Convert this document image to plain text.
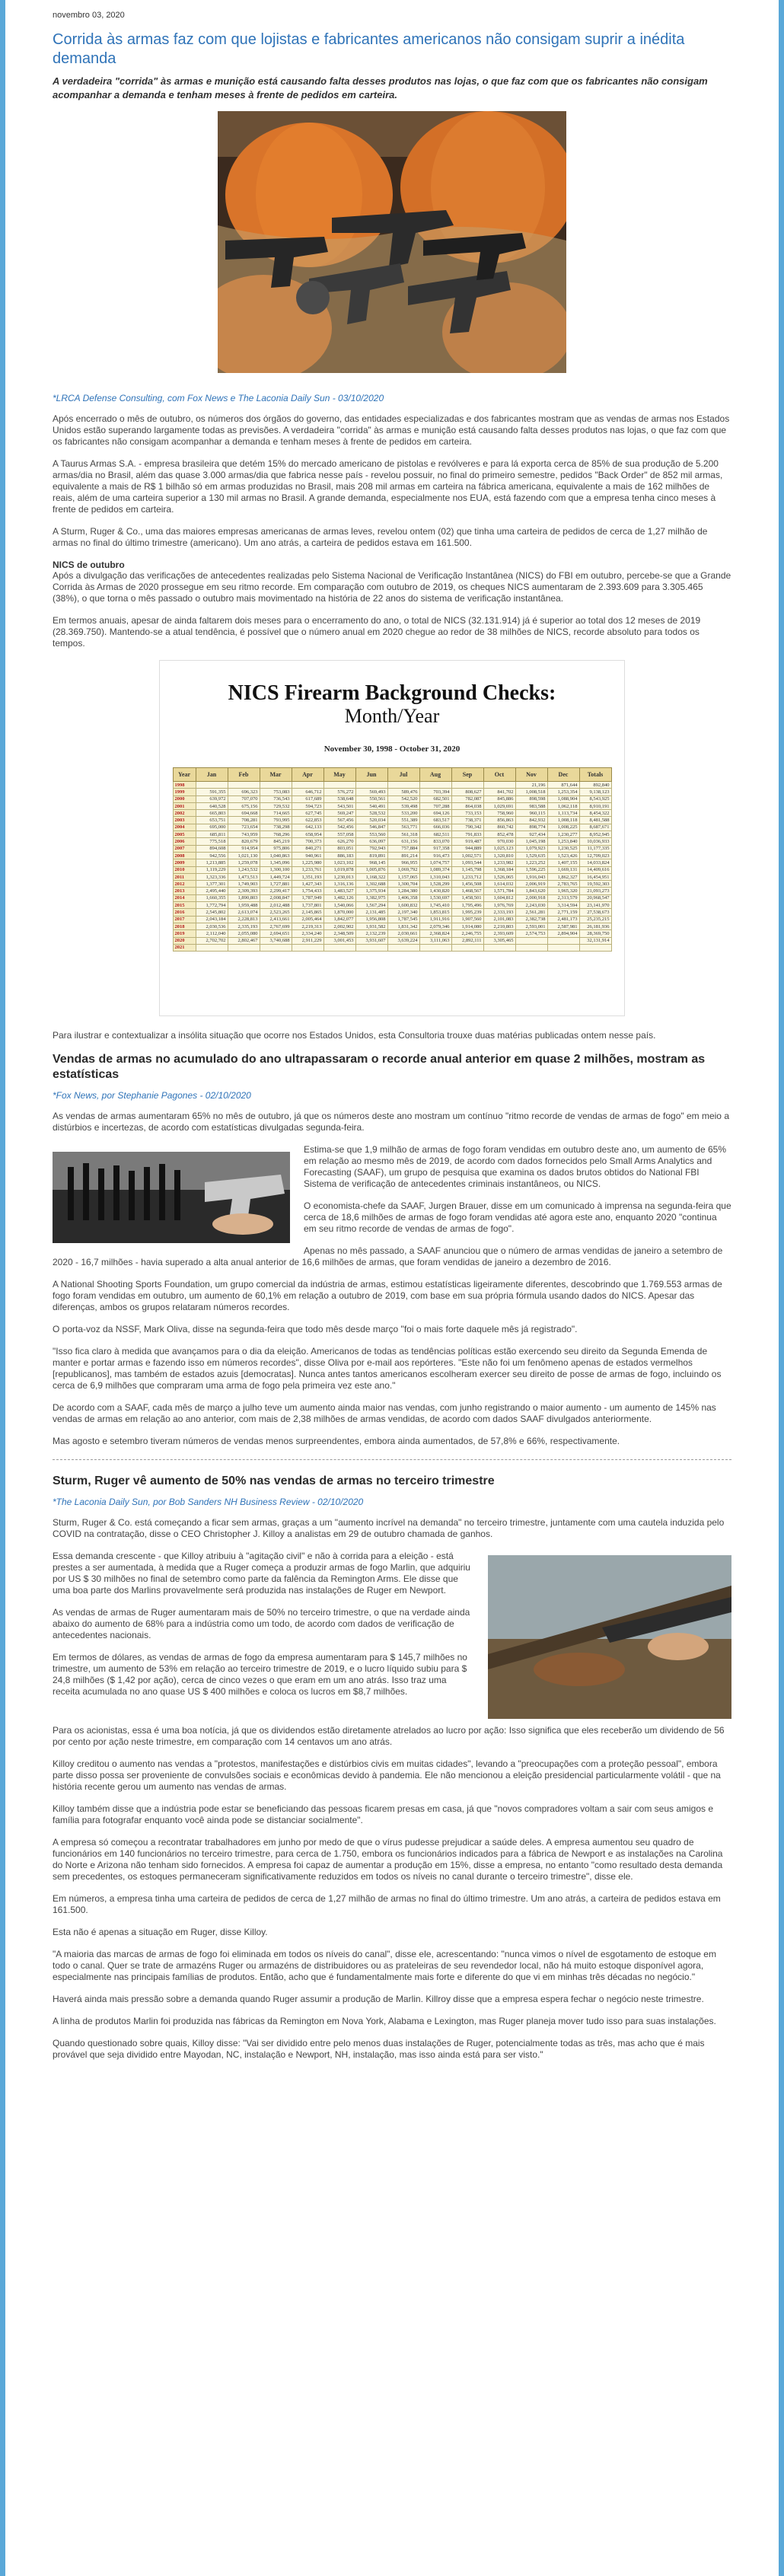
novembro 03, 2020
Corrida às armas faz com que lojistas e fabricantes americanos não consigam suprir a inédita demanda
A verdadeira "corrida" às armas e munição está causando falta desses produtos nas lojas, o que faz com que os fabricantes não consigam acompanhar a demanda e tenham meses à frente de pedidos em carteira.

*LRCA Defense Consulting, com Fox News e The Laconia Daily Sun - 03/10/2020

Após encerrado o mês de outubro, os números dos órgãos do governo, das entidades especializadas e dos fabricantes mostram que as vendas de armas nos Estados Unidos estão superando largamente todas as previsões. A verdadeira "corrida" às armas e munição está causando falta desses produtos nas lojas, o que faz com que os fabricantes não consigam acompanhar a demanda e tenham meses à frente de pedidos em carteira.

A Taurus Armas S.A. - empresa brasileira que detém 15% do mercado americano de pistolas e revólveres e para lá exporta cerca de 85% de sua produção de 5.200 armas/dia no Brasil, além das quase 3.000 armas/dia que fabrica nesse país - revelou possuir, no final do primeiro semestre, pedidos "Back Order" de 852 mil armas, equivalente a mais de R$ 1 bilhão só em armas produzidas no Brasil, mais 208 mil armas em carteira na fábrica americana, equivalente a mais de 162 milhões de reais, além de uma carteira superior a 130 mil armas no Brasil. A grande demanda, especialmente nos EUA, está fazendo com que a empresa tenha cinco meses à frente de pedidos em carteira.

A Sturm, Ruger & Co., uma das maiores empresas americanas de armas leves, revelou ontem (02) que tinha uma carteira de pedidos de cerca de 1,27 milhão de armas no final do último trimestre (americano). Um ano atrás, a carteira de pedidos estava em 161.500.

NICS de outubro

Após a divulgação das verificações de antecedentes realizadas pelo Sistema Nacional de Verificação Instantânea (NICS) do FBI em outubro, percebe-se que a Grande Corrida às Armas de 2020 prossegue em seu ritmo recorde. Em comparação com outubro de 2019, os cheques NICS aumentaram de 2.393.609 para 3.305.465 (38%), o que torna o mês passado o outubro mais movimentado na história de 22 anos do sistema de verificação instantânea.

Em termos anuais, apesar de ainda faltarem dois meses para o encerramento do ano, o total de NICS (32.131.914) já é superior ao total dos 12 meses de 2019 (28.369.750). Mantendo-se a atual tendência, é possível que o número anual em 2020 chegue ao redor de 38 milhões de NICS, recorde absoluto para todos os tempos.

NICS Firearm Background Checks:
Month/Year
November 30, 1998 - October 31, 2020
Year	Jan	Feb	Mar	Apr	May	Jun	Jul	Aug	Sep	Oct	Nov	Dec	Totals
1998											21,196	871,644	892,840
1999	591,355	696,323	753,083	646,712	576,272	569,493	589,476	703,394	808,627	841,702	1,008,518	1,253,354	9,138,123
2000	639,972	707,070	736,543	617,689	538,648	550,561	542,520	682,501	782,087	845,886	898,598	1,088,904	8,543,925
2001	640,528	675,156	729,532	594,723	543,501	540,491	539,498	707,288	864,038	1,029,691	983,588	1,062,118	8,910,191
2002	665,803	694,668	714,665	627,745	569,247	528,532	533,200	694,126	733,153	758,960	960,115	1,113,734	8,454,322
2003	653,751	708,281	793,995	622,853	567,456	520,034	551,389	683,517	738,371	856,863	842,932	1,008,118	8,481,588
2004	695,000	723,654	738,298	642,133	542,456	546,847	563,771	666,036	790,342	860,742	898,774	1,008,225	8,687,671
2005	685,811	743,959	768,296	658,954	557,058	553,560	561,318	682,511	791,833	852,478	927,434	1,230,277	8,952,945
2006	775,518	820,679	845,219	700,373	626,270	636,097	631,156	833,070	919,487	970,030	1,045,198	1,253,840	10,036,933
2007	894,608	914,954	975,806	840,271	803,051	792,943	757,884	917,358	944,889	1,025,123	1,079,923	1,230,525	11,177,335
2008	942,556	1,021,130	1,040,863	940,961	886,183	819,891	891,214	916,473	1,002,571	1,320,810	1,529,635	1,523,426	12,709,023
2009	1,213,885	1,259,078	1,345,096	1,225,980	1,023,102	968,145	966,955	1,074,757	1,093,544	1,233,982	1,223,252	1,407,155	14,033,824
2010	1,119,229	1,243,532	1,300,100	1,233,761	1,019,878	1,005,876	1,069,792	1,089,374	1,145,798	1,368,184	1,596,225	1,669,131	14,409,616
2011	1,323,336	1,473,513	1,449,724	1,351,193	1,230,013	1,168,322	1,157,065	1,310,043	1,233,712	1,526,065	1,916,043	1,862,327	16,454,951
2012	1,377,301	1,749,903	1,727,881	1,427,343	1,316,136	1,302,688	1,300,704	1,528,299	1,456,508	1,614,032	2,006,919	2,783,765	19,592,303
2013	2,495,440	2,309,393	2,299,417	1,754,433	1,483,527	1,375,934	1,284,380	1,430,820	1,468,567	1,571,784	1,843,620	1,965,320	21,093,273
2014	1,660,355	1,890,803	2,008,847	1,787,949	1,482,126	1,382,975	1,406,358	1,530,697	1,458,501	1,604,812	2,000,918	2,313,579	20,968,547
2015	1,772,794	1,959,488	2,012,488	1,737,801	1,540,066	1,567,294	1,600,832	1,745,410	1,795,496	1,976,769	2,243,030	3,314,594	23,141,970
2016	2,545,802	2,613,074	2,523,265	2,145,865	1,870,000	2,131,485	2,197,340	1,853,815	1,995,239	2,333,193	2,561,281	2,771,159	27,538,673
2017	2,043,184	2,228,813	2,413,661	2,005,464	1,842,077	1,956,808	1,787,545	1,911,916	1,907,560	2,101,083	2,382,738	2,481,173	25,235,215
2018	2,030,536	2,335,193	2,767,699	2,219,313	2,002,902	1,931,582	1,831,342	2,079,346	1,914,080	2,210,803	2,593,001	2,587,981	26,181,936
2019	2,112,040	2,055,080	2,694,651	2,334,240	2,348,509	2,132,239	2,030,661	2,368,824	2,246,755	2,393,609	2,574,753	2,894,904	28,369,750
2020	2,702,702	2,802,467	3,740,688	2,911,229	3,001,453	3,931,607	3,639,224	3,111,063	2,892,111	3,305,465			32,131,914
2021													

Para ilustrar e contextualizar a insólita situação que ocorre nos Estados Unidos, esta Consultoria trouxe duas matérias publicadas ontem nesse país.

Vendas de armas no acumulado do ano ultrapassaram o recorde anual anterior em quase 2 milhões, mostram as estatísticas

*Fox News, por Stephanie Pagones - 02/10/2020

As vendas de armas aumentaram 65% no mês de outubro, já que os números deste ano mostram um contínuo "ritmo recorde de vendas de armas de fogo" em meio a distúrbios e incertezas, de acordo com estatísticas divulgadas segunda-feira.

Estima-se que 1,9 milhão de armas de fogo foram vendidas em outubro deste ano, um aumento de 65% em relação ao mesmo mês de 2019, de acordo com dados fornecidos pelo Small Arms Analytics and Forecasting (SAAF), um grupo de pesquisa que examina os dados brutos obtidos do National FBI Sistema de verificação de antecedentes criminais instantâneos, ou NICS.

O economista-chefe da SAAF, Jurgen Brauer, disse em um comunicado à imprensa na segunda-feira que cerca de 18,6 milhões de armas de fogo foram vendidas até agora este ano, enquanto 2020 "continua em seu ritmo recorde de vendas de armas de fogo".

Apenas no mês passado, a SAAF anunciou que o número de armas vendidas de janeiro a setembro de 2020 - 16,7 milhões - havia superado a alta anual anterior de 16,6 milhões de armas, que foram vendidas de janeiro a dezembro de 2016.

A National Shooting Sports Foundation, um grupo comercial da indústria de armas, estimou estatísticas ligeiramente diferentes, descobrindo que 1.769.553 armas de fogo foram vendidas em outubro, um aumento de 60,1% em relação a outubro de 2019, com base em sua própria fórmula usando dados do NICS. Apesar das diferenças, ambos os grupos relataram números recordes.

O porta-voz da NSSF, Mark Oliva, disse na segunda-feira que todo mês desde março "foi o mais forte daquele mês já registrado".

"Isso fica claro à medida que avançamos para o dia da eleição. Americanos de todas as tendências políticas estão exercendo seu direito da Segunda Emenda de manter e portar armas e fazendo isso em números recordes", disse Oliva por e-mail aos repórteres. "Este não foi um fenômeno apenas de estados vermelhos [republicanos], mas também de estados azuis [democratas]. Nunca antes tantos americanos escolheram exercer seu direito de posse de armas de fogo, incluindo os cerca de 6,9 milhões que compraram uma arma de fogo pela primeira vez este ano."

De acordo com a SAAF, cada mês de março a julho teve um aumento ainda maior nas vendas, com junho registrando o maior aumento - um aumento de 145% nas vendas de armas em relação ao ano anterior, com mais de 2,38 milhões de armas vendidas, de acordo com dados SAAF divulgados anteriormente.

Mas agosto e setembro tiveram números de vendas menos surpreendentes, embora ainda aumentados, de 57,8% e 66%, respectivamente.

Sturm, Ruger vê aumento de 50% nas vendas de armas no terceiro trimestre

*The Laconia Daily Sun, por Bob Sanders NH Business Review - 02/10/2020

Sturm, Ruger & Co. está começando a ficar sem armas, graças a um "aumento incrível na demanda" no terceiro trimestre, juntamente com uma cautela induzida pelo COVID na contratação, disse o CEO Christopher J. Killoy a analistas em 29 de outubro chamada de ganhos.

Essa demanda crescente - que Killoy atribuiu à "agitação civil" e não à corrida para a eleição - está prestes a ser aumentada, à medida que a Ruger começa a produzir armas de fogo Marlin, que adquiriu por US $ 30 milhões no final de setembro como parte da falência da Remington Arms. Ele disse que uma boa parte dos Marlins provavelmente será produzida nas instalações de Ruger em Newport.

As vendas de armas de Ruger aumentaram mais de 50% no terceiro trimestre, o que na verdade ainda abaixo do aumento de 68% para a indústria como um todo, de acordo com dados de verificação de antecedentes nacionais.

Em termos de dólares, as vendas de armas de fogo da empresa aumentaram para $ 145,7 milhões no trimestre, um aumento de 53% em relação ao terceiro trimestre de 2019, e o lucro líquido subiu para $ 24,8 milhões ($ 1,42 por ação), cerca de cinco vezes o que eram em um ano atrás. Isso traz uma receita acumulada no ano quase US $ 400 milhões e coloca os lucros em $8,7 milhões.

Para os acionistas, essa é uma boa notícia, já que os dividendos estão diretamente atrelados ao lucro por ação: Isso significa que eles receberão um dividendo de 56 por cento por ação neste trimestre, em comparação com 14 centavos um ano atrás.

Killoy creditou o aumento nas vendas a "protestos, manifestações e distúrbios civis em muitas cidades", levando a "preocupações com a proteção pessoal", embora parte disso possa ser proveniente de convulsões sociais e econômicas devido à pandemia. Ele não mencionou a eleição presidencial particularmente volátil - que na história recente gerou um aumento nas vendas de armas.

Killoy também disse que a indústria pode estar se beneficiando das pessoas ficarem presas em casa, já que "novos compradores voltam a sair com seus amigos e família para fotografar enquanto você ainda pode se distanciar socialmente".

A empresa só começou a recontratar trabalhadores em junho por medo de que o vírus pudesse prejudicar a saúde deles. A empresa aumentou seu quadro de funcionários em 140 funcionários no terceiro trimestre, para cerca de 1.750, embora os funcionários indicados para a fábrica de Newport e as instalações na Carolina do Norte e Arizona não tenham sido fornecidos. A empresa foi capaz de aumentar a produção em 15%, disse a empresa, no entanto "como resultado desta demanda sem precedentes, os estoques permaneceram significativamente reduzidos em todos os níveis no canal durante o terceiro trimestre", disse ele.

Em números, a empresa tinha uma carteira de pedidos de cerca de 1,27 milhão de armas no final do último trimestre. Um ano atrás, a carteira de pedidos estava em 161.500.

Esta não é apenas a situação em Ruger, disse Killoy.

"A maioria das marcas de armas de fogo foi eliminada em todos os níveis do canal", disse ele, acrescentando: "nunca vimos o nível de esgotamento de estoque em todo o canal. Quer se trate de armazéns Ruger ou armazéns de distribuidores ou as prateleiras de seu revendedor local, não há muito estoque disponível agora, especialmente nas principais famílias de produtos. Então, acho que é fundamentalmente mais forte e diferente do que vi em minhas três décadas no negócio."

Haverá ainda mais pressão sobre a demanda quando Ruger assumir a produção de Marlin. Killroy disse que a empresa espera fechar o negócio neste trimestre.

A linha de produtos Marlin foi produzida nas fábricas da Remington em Nova York, Alabama e Lexington, mas Ruger planeja mover tudo isso para suas instalações.

Quando questionado sobre quais, Killoy disse: "Vai ser dividido entre pelo menos duas instalações de Ruger, potencialmente todas as três, mas acho que é mais provável que seja dividido entre Mayodan, NC, instalação e Newport, NH, instalação, mas isso ainda está para ser visto."
